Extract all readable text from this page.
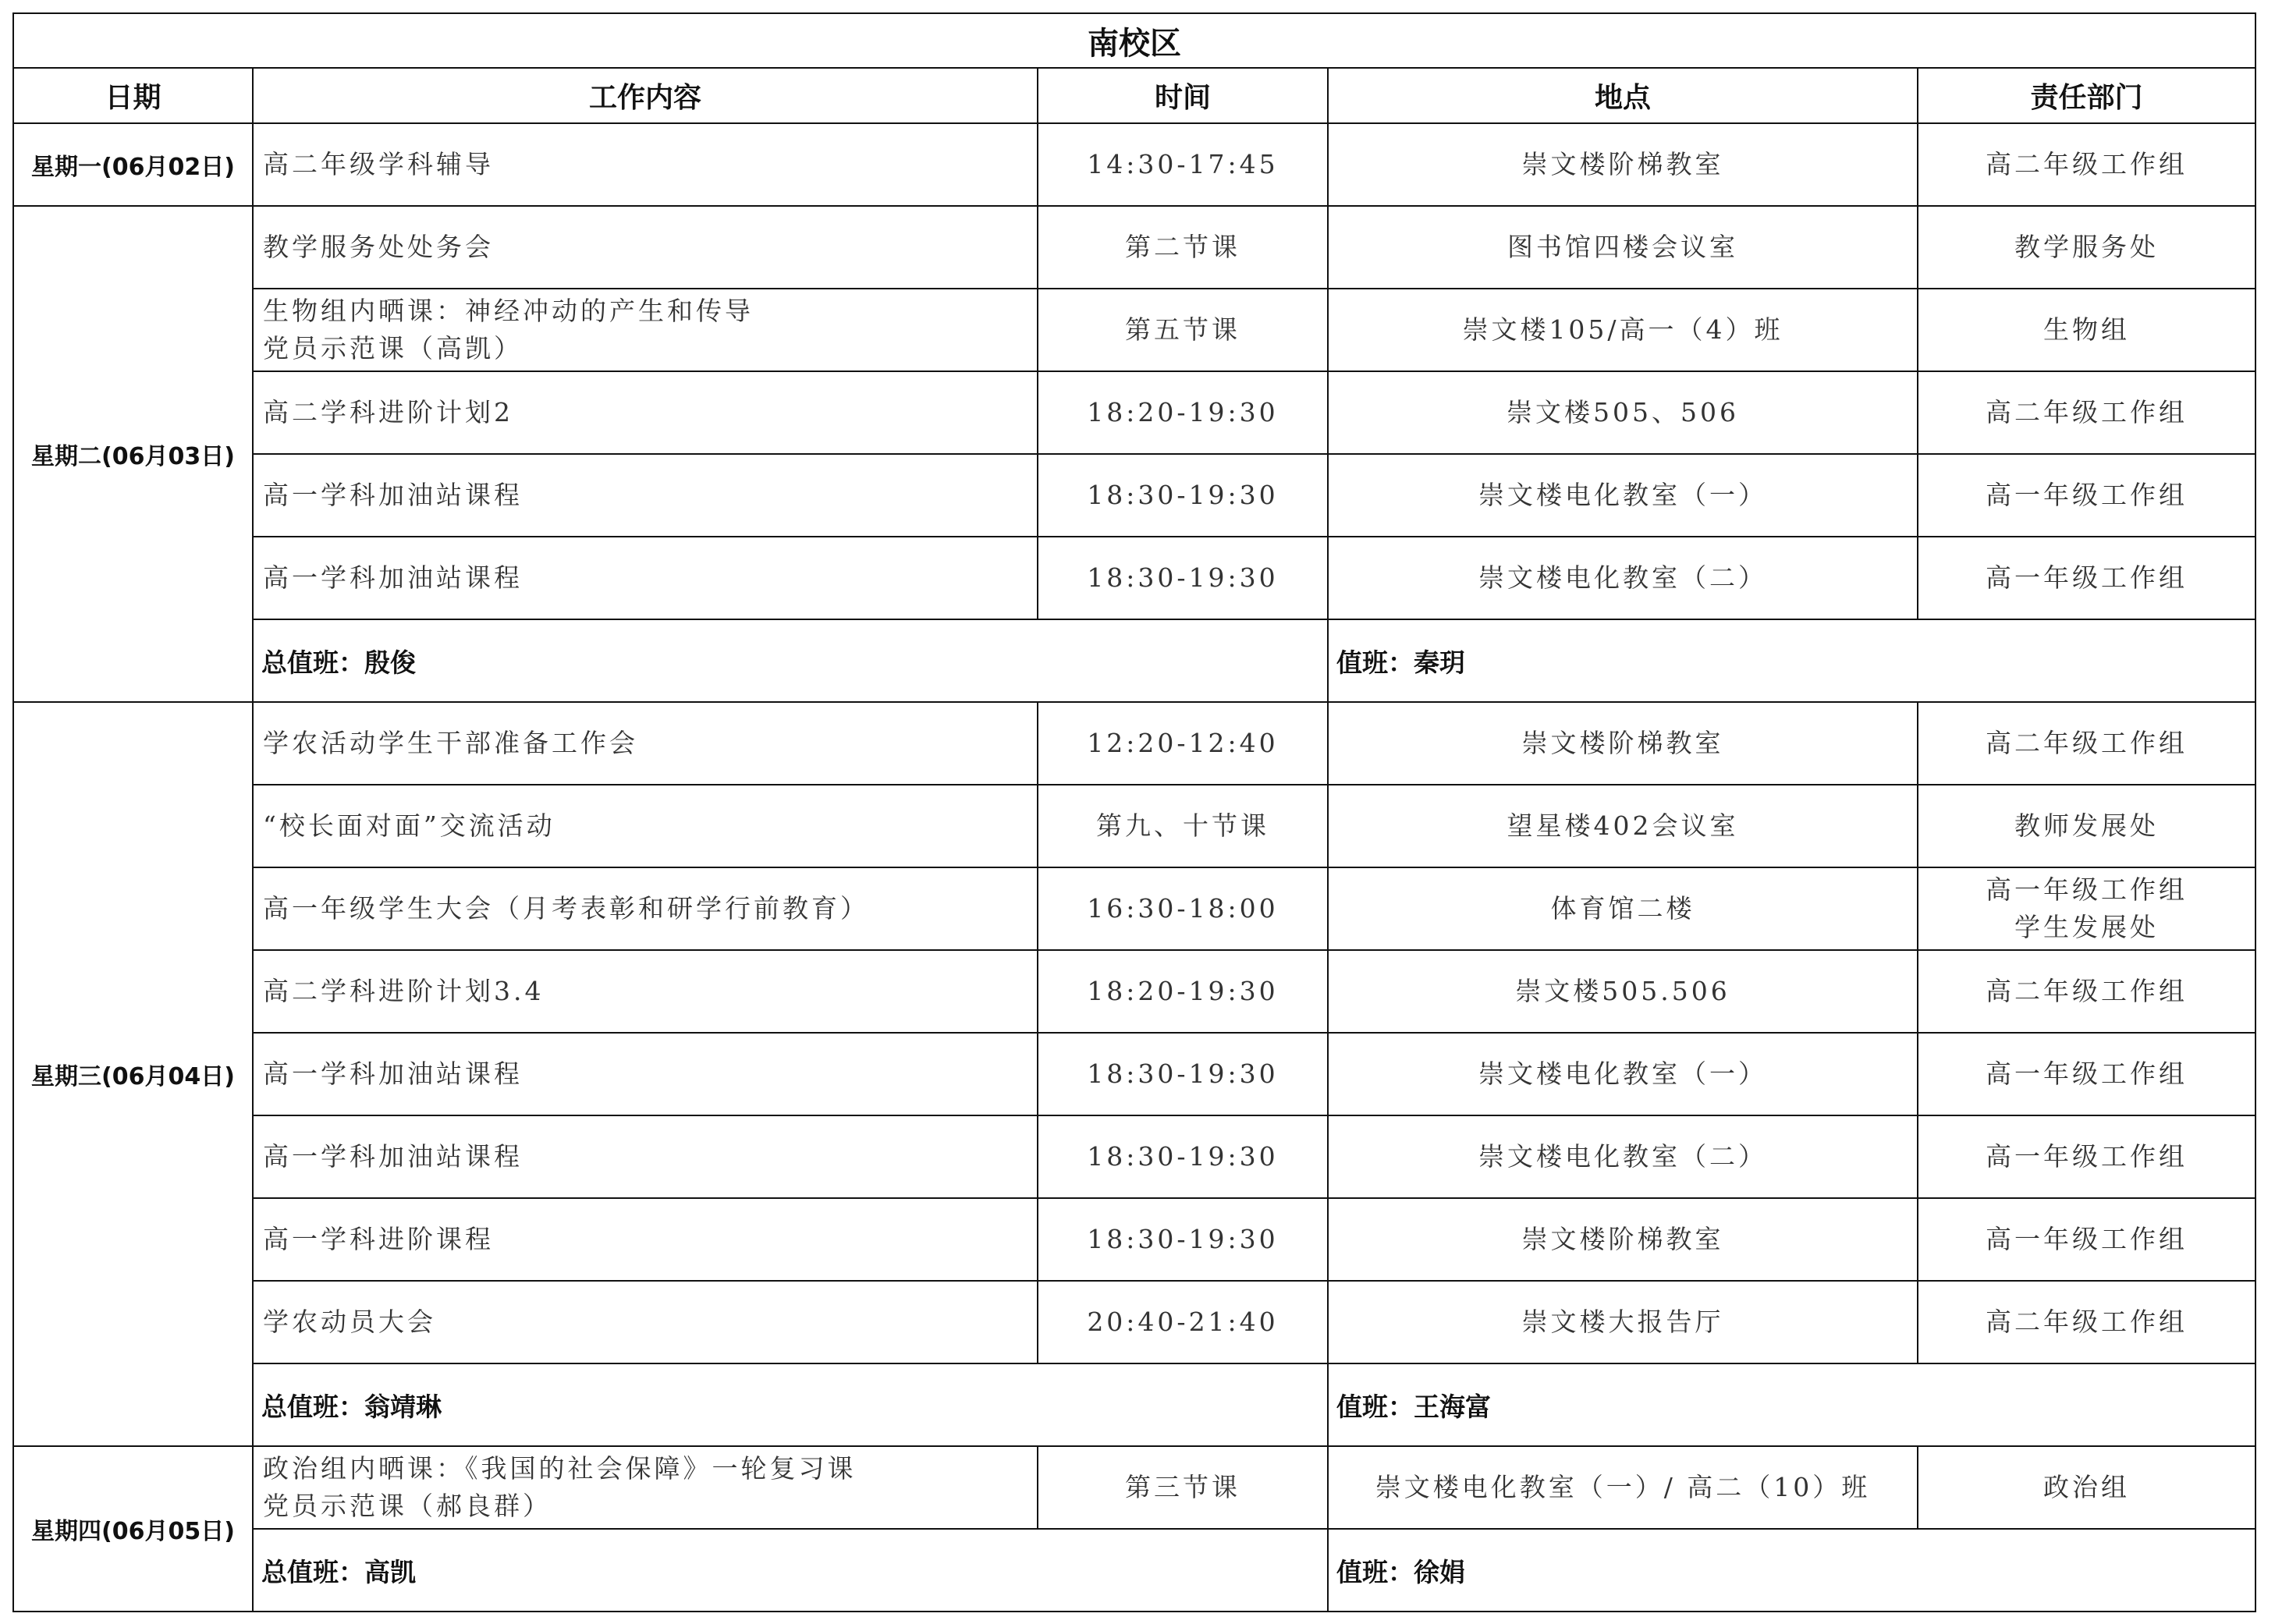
南校区				
日期	工作内容	时间	地点	责任部门
星期一(06月02日)	高二年级学科辅导	14:30-17:45	崇文楼阶梯教室	高二年级工作组

星期二(06月03日)	教学服务处处务会	第二节课	图书馆四楼会议室	教学服务处

	生物组内晒课：神经冲动的产生和传导
党员示范课（高凯）	第五节课	崇文楼105/高一（4）班	生物组

	高二学科进阶计划2	18:20-19:30	崇文楼505、506	高二年级工作组

	高一学科加油站课程	18:30-19:30	崇文楼电化教室（一）	高一年级工作组

	高一学科加油站课程	18:30-19:30	崇文楼电化教室（二）	高一年级工作组

	总值班：殷俊		值班：秦玥	
星期三(06月04日)	学农活动学生干部准备工作会	12:20-12:40	崇文楼阶梯教室	高二年级工作组

	“校长面对面”交流活动	第九、十节课	望星楼402会议室	教师发展处

	高一年级学生大会（月考表彰和研学行前教育）	16:30-18:00	体育馆二楼	高一年级工作组
学生发展处

	高二学科进阶计划3.4	18:20-19:30	崇文楼505.506	高二年级工作组

	高一学科加油站课程	18:30-19:30	崇文楼电化教室（一）	高一年级工作组

	高一学科加油站课程	18:30-19:30	崇文楼电化教室（二）	高一年级工作组

	高一学科进阶课程	18:30-19:30	崇文楼阶梯教室	高一年级工作组

	学农动员大会	20:40-21:40	崇文楼大报告厅	高二年级工作组

	总值班：翁靖琳		值班：王海富	
星期四(06月05日)	政治组内晒课：《我国的社会保障》一轮复习课
党员示范课（郝良群）	第三节课	崇文楼电化教室（一）/ 高二（10）班	政治组

	总值班：高凯		值班：徐娟	
